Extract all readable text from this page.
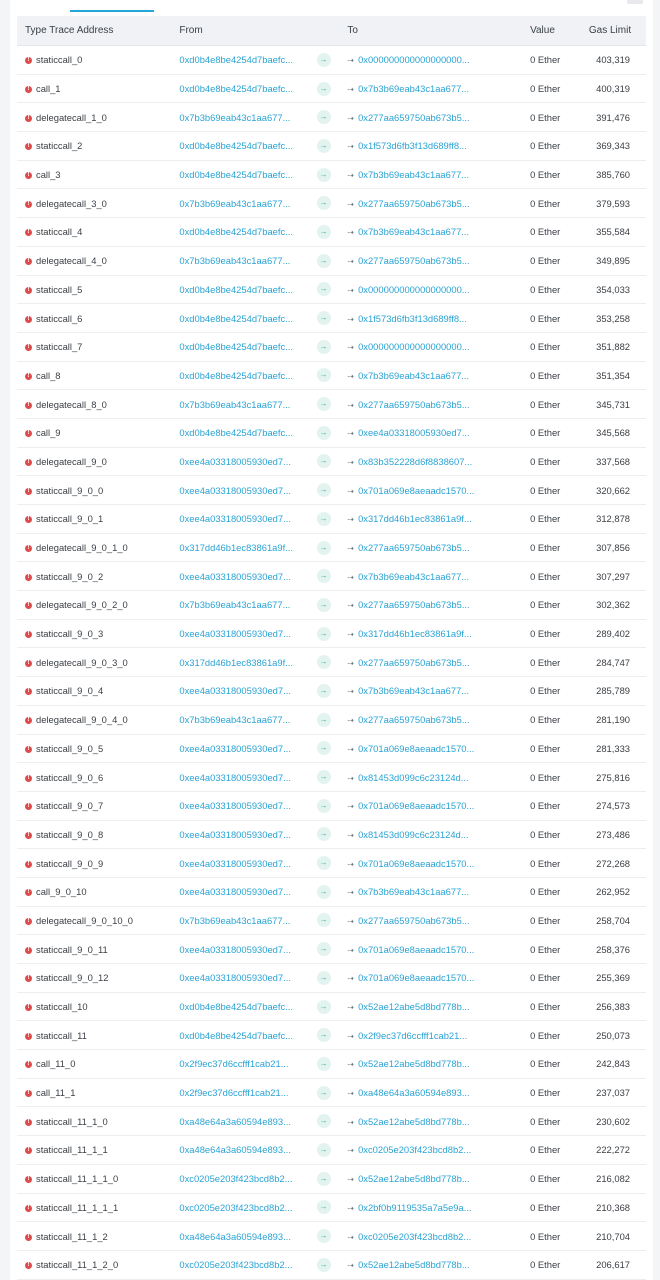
Type Trace Address	From		To	Value	Gas Limit
! staticcall_0	0xd0b4e8be4254d7baefc...	→	⇢ 0x000000000000000000...	0 Ether	403,319
! call_1	0xd0b4e8be4254d7baefc...	→	⇢ 0x7b3b69eab43c1aa677...	0 Ether	400,319
! delegatecall_1_0	0x7b3b69eab43c1aa677...	→	⇢ 0x277aa659750ab673b5...	0 Ether	391,476
! staticcall_2	0xd0b4e8be4254d7baefc...	→	⇢ 0x1f573d6fb3f13d689ff8...	0 Ether	369,343
! call_3	0xd0b4e8be4254d7baefc...	→	⇢ 0x7b3b69eab43c1aa677...	0 Ether	385,760
! delegatecall_3_0	0x7b3b69eab43c1aa677...	→	⇢ 0x277aa659750ab673b5...	0 Ether	379,593
! staticcall_4	0xd0b4e8be4254d7baefc...	→	⇢ 0x7b3b69eab43c1aa677...	0 Ether	355,584
! delegatecall_4_0	0x7b3b69eab43c1aa677...	→	⇢ 0x277aa659750ab673b5...	0 Ether	349,895
! staticcall_5	0xd0b4e8be4254d7baefc...	→	⇢ 0x000000000000000000...	0 Ether	354,033
! staticcall_6	0xd0b4e8be4254d7baefc...	→	⇢ 0x1f573d6fb3f13d689ff8...	0 Ether	353,258
! staticcall_7	0xd0b4e8be4254d7baefc...	→	⇢ 0x000000000000000000...	0 Ether	351,882
! call_8	0xd0b4e8be4254d7baefc...	→	⇢ 0x7b3b69eab43c1aa677...	0 Ether	351,354
! delegatecall_8_0	0x7b3b69eab43c1aa677...	→	⇢ 0x277aa659750ab673b5...	0 Ether	345,731
! call_9	0xd0b4e8be4254d7baefc...	→	⇢ 0xee4a03318005930ed7...	0 Ether	345,568
! delegatecall_9_0	0xee4a03318005930ed7...	→	⇢ 0x83b352228d6f8838607...	0 Ether	337,568
! staticcall_9_0_0	0xee4a03318005930ed7...	→	⇢ 0x701a069e8aeaadc1570...	0 Ether	320,662
! staticcall_9_0_1	0xee4a03318005930ed7...	→	⇢ 0x317dd46b1ec83861a9f...	0 Ether	312,878
! delegatecall_9_0_1_0	0x317dd46b1ec83861a9f...	→	⇢ 0x277aa659750ab673b5...	0 Ether	307,856
! staticcall_9_0_2	0xee4a03318005930ed7...	→	⇢ 0x7b3b69eab43c1aa677...	0 Ether	307,297
! delegatecall_9_0_2_0	0x7b3b69eab43c1aa677...	→	⇢ 0x277aa659750ab673b5...	0 Ether	302,362
! staticcall_9_0_3	0xee4a03318005930ed7...	→	⇢ 0x317dd46b1ec83861a9f...	0 Ether	289,402
! delegatecall_9_0_3_0	0x317dd46b1ec83861a9f...	→	⇢ 0x277aa659750ab673b5...	0 Ether	284,747
! staticcall_9_0_4	0xee4a03318005930ed7...	→	⇢ 0x7b3b69eab43c1aa677...	0 Ether	285,789
! delegatecall_9_0_4_0	0x7b3b69eab43c1aa677...	→	⇢ 0x277aa659750ab673b5...	0 Ether	281,190
! staticcall_9_0_5	0xee4a03318005930ed7...	→	⇢ 0x701a069e8aeaadc1570...	0 Ether	281,333
! staticcall_9_0_6	0xee4a03318005930ed7...	→	⇢ 0x81453d099c6c23124d...	0 Ether	275,816
! staticcall_9_0_7	0xee4a03318005930ed7...	→	⇢ 0x701a069e8aeaadc1570...	0 Ether	274,573
! staticcall_9_0_8	0xee4a03318005930ed7...	→	⇢ 0x81453d099c6c23124d...	0 Ether	273,486
! staticcall_9_0_9	0xee4a03318005930ed7...	→	⇢ 0x701a069e8aeaadc1570...	0 Ether	272,268
! call_9_0_10	0xee4a03318005930ed7...	→	⇢ 0x7b3b69eab43c1aa677...	0 Ether	262,952
! delegatecall_9_0_10_0	0x7b3b69eab43c1aa677...	→	⇢ 0x277aa659750ab673b5...	0 Ether	258,704
! staticcall_9_0_11	0xee4a03318005930ed7...	→	⇢ 0x701a069e8aeaadc1570...	0 Ether	258,376
! staticcall_9_0_12	0xee4a03318005930ed7...	→	⇢ 0x701a069e8aeaadc1570...	0 Ether	255,369
! staticcall_10	0xd0b4e8be4254d7baefc...	→	⇢ 0x52ae12abe5d8bd778b...	0 Ether	256,383
! staticcall_11	0xd0b4e8be4254d7baefc...	→	⇢ 0x2f9ec37d6ccfff1cab21...	0 Ether	250,073
! call_11_0	0x2f9ec37d6ccfff1cab21...	→	⇢ 0x52ae12abe5d8bd778b...	0 Ether	242,843
! call_11_1	0x2f9ec37d6ccfff1cab21...	→	⇢ 0xa48e64a3a60594e893...	0 Ether	237,037
! staticcall_11_1_0	0xa48e64a3a60594e893...	→	⇢ 0x52ae12abe5d8bd778b...	0 Ether	230,602
! staticcall_11_1_1	0xa48e64a3a60594e893...	→	⇢ 0xc0205e203f423bcd8b2...	0 Ether	222,272
! staticcall_11_1_1_0	0xc0205e203f423bcd8b2...	→	⇢ 0x52ae12abe5d8bd778b...	0 Ether	216,082
! staticcall_11_1_1_1	0xc0205e203f423bcd8b2...	→	⇢ 0x2bf0b9119535a7a5e9a...	0 Ether	210,368
! staticcall_11_1_2	0xa48e64a3a60594e893...	→	⇢ 0xc0205e203f423bcd8b2...	0 Ether	210,704
! staticcall_11_1_2_0	0xc0205e203f423bcd8b2...	→	⇢ 0x52ae12abe5d8bd778b...	0 Ether	206,617
